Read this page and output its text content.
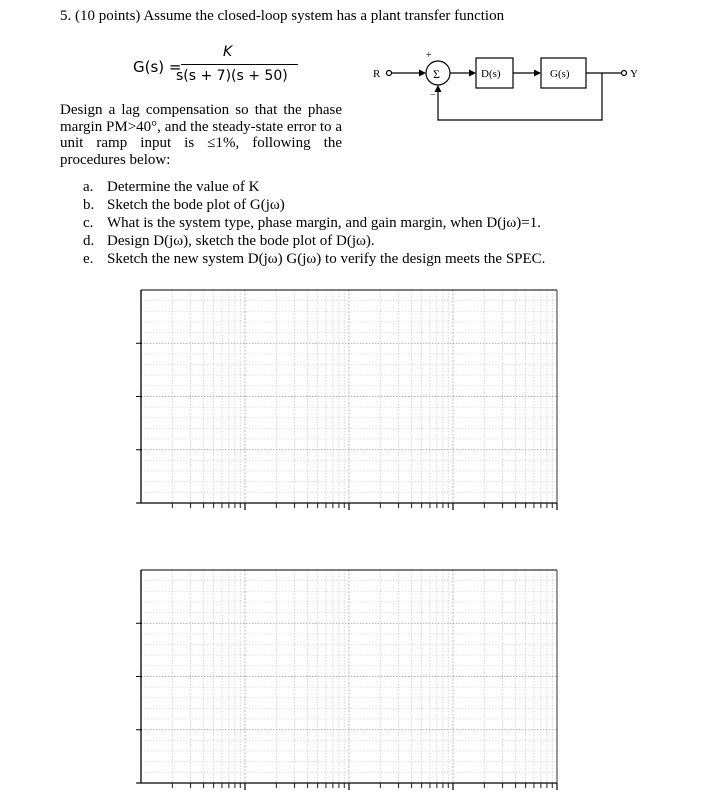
5. (10 points) Assume the closed-loop system has a plant transfer function
G(s) =
K
s(s + 7)(s + 50)	R	Σ
+
−
D(s)	G(s)	Y
Design a lag compensation so that the phase margin PM>40°, and the steady-state error to a unit ramp input is ≤1%, following the procedures below:
a. Determine the value of K
b. Sketch the bode plot of G(jω)
c. What is the system type, phase margin, and gain margin, when D(jω)=1.
d. Design D(jω), sketch the bode plot of D(jω).
e. Sketch the new system D(jω) G(jω) to verify the design meets the SPEC.
